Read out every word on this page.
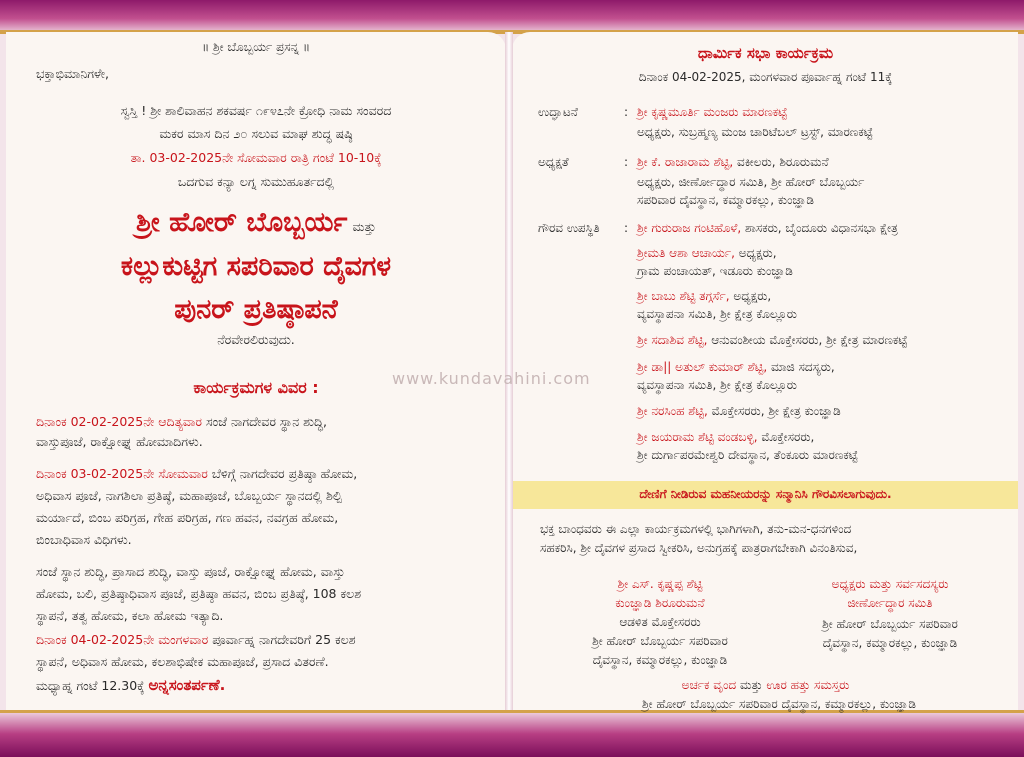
॥ ಶ್ರೀ ಬೊಬ್ಬರ್ಯ ಪ್ರಸನ್ನ ॥
ಭಕ್ತಾಭಿಮಾನಿಗಳೇ,
ಸ್ವಸ್ತಿ ! ಶ್ರೀ ಶಾಲಿವಾಹನ ಶಕವರ್ಷ ೧೯೪೭ನೇ ಕ್ರೋಧಿ ನಾಮ ಸಂವರದ
ಮಕರ ಮಾಸ ದಿನ ೨೦ ಸಲುವ ಮಾಘ ಶುದ್ಧ ಷಷ್ಠಿ
ತಾ. 03-02-2025ನೇ ಸೋಮವಾರ ರಾತ್ರಿ ಗಂಟೆ 10-10ಕ್ಕೆ
ಒದಗುವ ಕನ್ಯಾ ಲಗ್ನ ಸುಮುಹೂರ್ತದಲ್ಲಿ
ಶ್ರೀ ಹೋರ್ ಬೊಬ್ಬರ್ಯ ಮತ್ತು
ಕಲ್ಲುಕುಟ್ಟಿಗ ಸಪರಿವಾರ ದೈವಗಳ
ಪುನರ್ ಪ್ರತಿಷ್ಠಾಪನೆ
ನೆರವೇರಲಿರುವುದು.
ಕಾರ್ಯಕ್ರಮಗಳ ವಿವರ :
ದಿನಾಂಕ 02-02-2025ನೇ ಆದಿತ್ಯವಾರ ಸಂಜೆ ನಾಗದೇವರ ಸ್ಥಾನ ಶುದ್ಧಿ,
ವಾಸ್ತುಪೂಜೆ, ರಾಕ್ಷೋಘ್ನ ಹೋಮಾದಿಗಳು.
ದಿನಾಂಕ 03-02-2025ನೇ ಸೋಮವಾರ ಬೆಳಿಗ್ಗೆ ನಾಗದೇವರ ಪ್ರತಿಷ್ಠಾ ಹೋಮ,
ಅಧಿವಾಸ ಪೂಜೆ, ನಾಗಶಿಲಾ ಪ್ರತಿಷ್ಠೆ, ಮಹಾಪೂಜೆ, ಬೊಬ್ಬರ್ಯ ಸ್ಥಾನದಲ್ಲಿ ಶಿಲ್ಪಿ
ಮರ್ಯಾದೆ, ಬಿಂಬ ಪರಿಗ್ರಹ, ಗೇಹ ಪರಿಗ್ರಹ, ಗಣ ಹವನ, ನವಗ್ರಹ ಹೋಮ,
ಬಿಂಬಾಧಿವಾಸ ವಿಧಿಗಳು.
ಸಂಜೆ ಸ್ಥಾನ ಶುದ್ಧಿ, ಪ್ರಾಸಾದ ಶುದ್ಧಿ, ವಾಸ್ತು ಪೂಜೆ, ರಾಕ್ಷೋಘ್ನ ಹೋಮ, ವಾಸ್ತು
ಹೋಮ, ಬಲಿ, ಪ್ರತಿಷ್ಠಾಧಿವಾಸ ಪೂಜೆ, ಪ್ರತಿಷ್ಠಾ ಹವನ, ಬಿಂಬ ಪ್ರತಿಷ್ಠೆ, 108 ಕಲಶ
ಸ್ಥಾಪನೆ, ತತ್ವ ಹೋಮ, ಕಲಾ ಹೋಮ ಇತ್ಯಾದಿ.
ದಿನಾಂಕ 04-02-2025ನೇ ಮಂಗಳವಾರ ಪೂರ್ವಾಹ್ನ ನಾಗದೇವರಿಗೆ 25 ಕಲಶ
ಸ್ಥಾಪನೆ, ಅಧಿವಾಸ ಹೋಮ, ಕಲಶಾಭಿಷೇಕ ಮಹಾಪೂಜೆ, ಪ್ರಸಾದ ವಿತರಣೆ.
ಮಧ್ಯಾಹ್ನ ಗಂಟೆ 12.30ಕ್ಕೆ ಅನ್ನಸಂತರ್ಪಣೆ.
www.kundavahini.com
ಧಾರ್ಮಿಕ ಸಭಾ ಕಾರ್ಯಕ್ರಮ
ದಿನಾಂಕ 04-02-2025, ಮಂಗಳವಾರ ಪೂರ್ವಾಹ್ನ ಗಂಟೆ 11ಕ್ಕೆ
ಉದ್ಘಾಟನೆ	: ಶ್ರೀ ಕೃಷ್ಣಮೂರ್ತಿ ಮಂಜರು ಮಾರಣಕಟ್ಟೆ
ಅಧ್ಯಕ್ಷರು, ಸುಬ್ರಹ್ಮಣ್ಯ ಮಂಜ ಚಾರಿಟೆಬಲ್ ಟ್ರಸ್ಟ್, ಮಾರಣಕಟ್ಟೆ
ಅಧ್ಯಕ್ಷತೆ	: ಶ್ರೀ ಕೆ. ರಾಜಾರಾಮ ಶೆಟ್ಟಿ, ವಕೀಲರು, ಶಿರೂರುಮನೆ
ಅಧ್ಯಕ್ಷರು, ಜೀರ್ಣೋದ್ಧಾರ ಸಮಿತಿ, ಶ್ರೀ ಹೋರ್ ಬೊಬ್ಬರ್ಯ
ಸಪರಿವಾರ ದೈವಸ್ಥಾನ, ಕಮ್ಮಾರಕಲ್ಲು, ಕುಂಜ್ಞಾಡಿ
ಗೌರವ ಉಪಸ್ಥಿತಿ	: ಶ್ರೀ ಗುರುರಾಜ ಗಂಟಿಹೊಳೆ, ಶಾಸಕರು, ಬೈಂದೂರು ವಿಧಾನಸಭಾ ಕ್ಷೇತ್ರ
ಶ್ರೀಮತಿ ಆಶಾ ಆಚಾರ್ಯ, ಅಧ್ಯಕ್ಷರು,
ಗ್ರಾಮ ಪಂಚಾಯತ್, ಇಡೂರು ಕುಂಜ್ಞಾಡಿ
ಶ್ರೀ ಬಾಬು ಶೆಟ್ಟಿ ತಗ್ಗರ್ಸೆ, ಅಧ್ಯಕ್ಷರು,
ವ್ಯವಸ್ಥಾಪನಾ ಸಮಿತಿ, ಶ್ರೀ ಕ್ಷೇತ್ರ ಕೊಲ್ಲೂರು
ಶ್ರೀ ಸದಾಶಿವ ಶೆಟ್ಟಿ, ಆನುವಂಶೀಯ ಮೊಕ್ತೇಸರರು, ಶ್ರೀ ಕ್ಷೇತ್ರ ಮಾರಣಕಟ್ಟೆ
ಶ್ರೀ ಡಾ|| ಅತುಲ್ ಕುಮಾರ್ ಶೆಟ್ಟಿ, ಮಾಜಿ ಸದಸ್ಯರು,
ವ್ಯವಸ್ಥಾಪನಾ ಸಮಿತಿ, ಶ್ರೀ ಕ್ಷೇತ್ರ ಕೊಲ್ಲೂರು
ಶ್ರೀ ನರಸಿಂಹ ಶೆಟ್ಟಿ, ಮೊಕ್ತೇಸರರು, ಶ್ರೀ ಕ್ಷೇತ್ರ ಕುಂಜ್ಞಾಡಿ
ಶ್ರೀ ಜಯರಾಮ ಶೆಟ್ಟಿ ವಂಡಬಳ್ಳಿ, ಮೊಕ್ತೇಸರರು,
ಶ್ರೀ ದುರ್ಗಾಪರಮೇಶ್ವರಿ ದೇವಸ್ಥಾನ, ತೆಂಕೂರು ಮಾರಣಕಟ್ಟೆ
ದೇಣಿಗೆ ನೀಡಿರುವ ಮಹನೀಯರನ್ನು ಸನ್ಮಾನಿಸಿ ಗೌರವಿಸಲಾಗುವುದು.
ಭಕ್ತ ಬಾಂಧವರು ಈ ಎಲ್ಲಾ ಕಾರ್ಯಕ್ರಮಗಳಲ್ಲಿ ಭಾಗಿಗಳಾಗಿ, ತನು-ಮನ-ಧನಗಳಿಂದ
ಸಹಕರಿಸಿ, ಶ್ರೀ ದೈವಗಳ ಪ್ರಸಾದ ಸ್ವೀಕರಿಸಿ, ಅನುಗ್ರಹಕ್ಕೆ ಪಾತ್ರರಾಗಬೇಕಾಗಿ ವಿನಂತಿಸುವ,
ಶ್ರೀ ಎಸ್. ಕೃಷ್ಣಪ್ಪ ಶೆಟ್ಟಿ
ಕುಂಜ್ಞಾಡಿ ಶಿರೂರುಮನೆ
ಆಡಳಿತ ಮೊಕ್ತೇಸರರು
ಶ್ರೀ ಹೋರ್ ಬೊಬ್ಬರ್ಯ ಸಪರಿವಾರ
ದೈವಸ್ಥಾನ, ಕಮ್ಮಾರಕಲ್ಲು, ಕುಂಜ್ಞಾಡಿ
ಅಧ್ಯಕ್ಷರು ಮತ್ತು ಸರ್ವಸದಸ್ಯರು
ಜೀರ್ಣೋದ್ಧಾರ ಸಮಿತಿ
ಶ್ರೀ ಹೋರ್ ಬೊಬ್ಬರ್ಯ ಸಪರಿವಾರ
ದೈವಸ್ಥಾನ, ಕಮ್ಮಾರಕಲ್ಲು, ಕುಂಜ್ಞಾಡಿ
ಅರ್ಚಕ ವೃಂದ ಮತ್ತು ಊರ ಹತ್ತು ಸಮಸ್ತರು
ಶ್ರೀ ಹೋರ್ ಬೊಬ್ಬರ್ಯ ಸಪರಿವಾರ ದೈವಸ್ಥಾನ, ಕಮ್ಮಾರಕಲ್ಲು, ಕುಂಜ್ಞಾಡಿ
